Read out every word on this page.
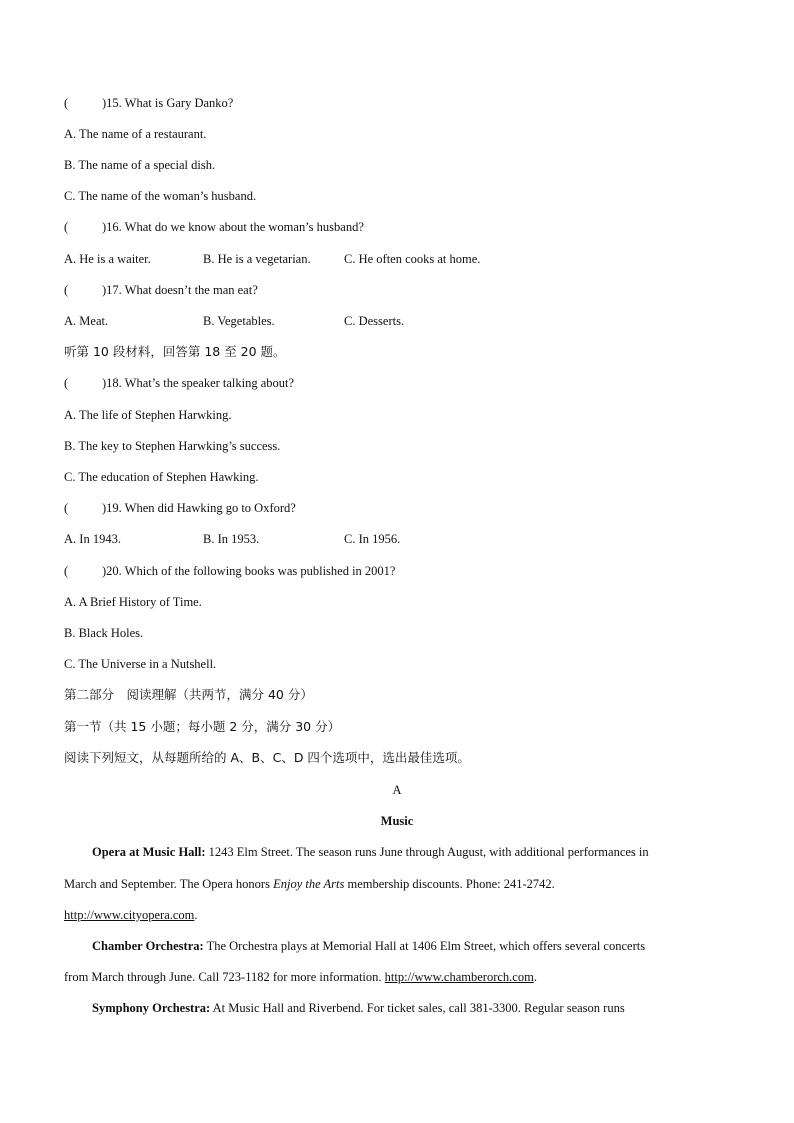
(	)15. What is Gary Danko?
A. The name of a restaurant.
B. The name of a special dish.
C. The name of the woman’s husband.
(	)16. What do we know about the woman’s husband?
A. He is a waiter.	B. He is a vegetarian.	C. He often cooks at home.
(	)17. What doesn’t the man eat?
A. Meat.	B. Vegetables.	C. Desserts.
听第 10 段材料，回答第 18 至 20 题。
(	)18. What’s the speaker talking about?
A. The life of Stephen Harwking.
B. The key to Stephen Harwking’s success.
C. The education of Stephen Hawking.
(	)19. When did Hawking go to Oxford?
A. In 1943.	B. In 1953.	C. In 1956.
(	)20. Which of the following books was published in 2001?
A. A Brief History of Time.
B. Black Holes.
C. The Universe in a Nutshell.
第二部分　阅读理解（共两节，满分 40 分）
第一节（共 15 小题；每小题 2 分，满分 30 分）
阅读下列短文，从每题所给的 A、B、C、D 四个选项中，选出最佳选项。
A
Music
Opera at Music Hall: 1243 Elm Street. The season runs June through August, with additional performances in
March and September. The Opera honors Enjoy the Arts membership discounts. Phone: 241-2742.
http://www.cityopera.com.
Chamber Orchestra: The Orchestra plays at Memorial Hall at 1406 Elm Street, which offers several concerts
from March through June. Call 723-1182 for more information. http://www.chamberorch.com.
Symphony Orchestra: At Music Hall and Riverbend. For ticket sales, call 381-3300. Regular season runs
